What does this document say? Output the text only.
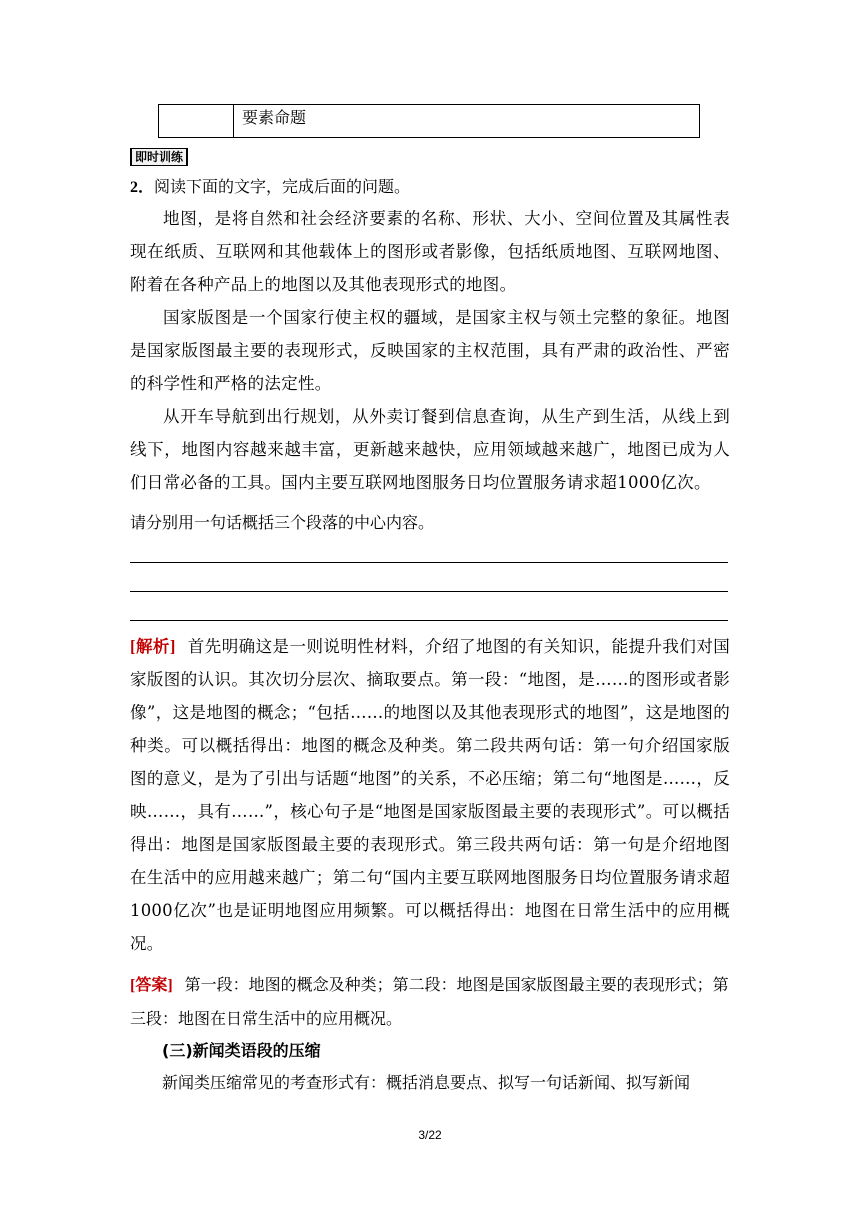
要素命题
即时训练
2．阅读下面的文字，完成后面的问题。

地图，是将自然和社会经济要素的名称、形状、大小、空间位置及其属性表现在纸质、互联网和其他载体上的图形或者影像，包括纸质地图、互联网地图、附着在各种产品上的地图以及其他表现形式的地图。

国家版图是一个国家行使主权的疆域，是国家主权与领土完整的象征。地图是国家版图最主要的表现形式，反映国家的主权范围，具有严肃的政治性、严密的科学性和严格的法定性。

从开车导航到出行规划，从外卖订餐到信息查询，从生产到生活，从线上到线下，地图内容越来越丰富，更新越来越快，应用领域越来越广，地图已成为人们日常必备的工具。国内主要互联网地图服务日均位置服务请求超1000亿次。

请分别用一句话概括三个段落的中心内容。
[解析] 首先明确这是一则说明性材料，介绍了地图的有关知识，能提升我们对国家版图的认识。其次切分层次、摘取要点。第一段：“地图，是……的图形或者影像”，这是地图的概念；“包括……的地图以及其他表现形式的地图”，这是地图的种类。可以概括得出：地图的概念及种类。第二段共两句话：第一句介绍国家版图的意义，是为了引出与话题“地图”的关系，不必压缩；第二句“地图是……，反映……，具有……”，核心句子是“地图是国家版图最主要的表现形式”。可以概括得出：地图是国家版图最主要的表现形式。第三段共两句话：第一句是介绍地图在生活中的应用越来越广；第二句“国内主要互联网地图服务日均位置服务请求超1000亿次”也是证明地图应用频繁。可以概括得出：地图在日常生活中的应用概况。
[答案] 第一段：地图的概念及种类；第二段：地图是国家版图最主要的表现形式；第三段：地图在日常生活中的应用概况。
(三)新闻类语段的压缩

新闻类压缩常见的考查形式有：概括消息要点、拟写一句话新闻、拟写新闻

3/22
